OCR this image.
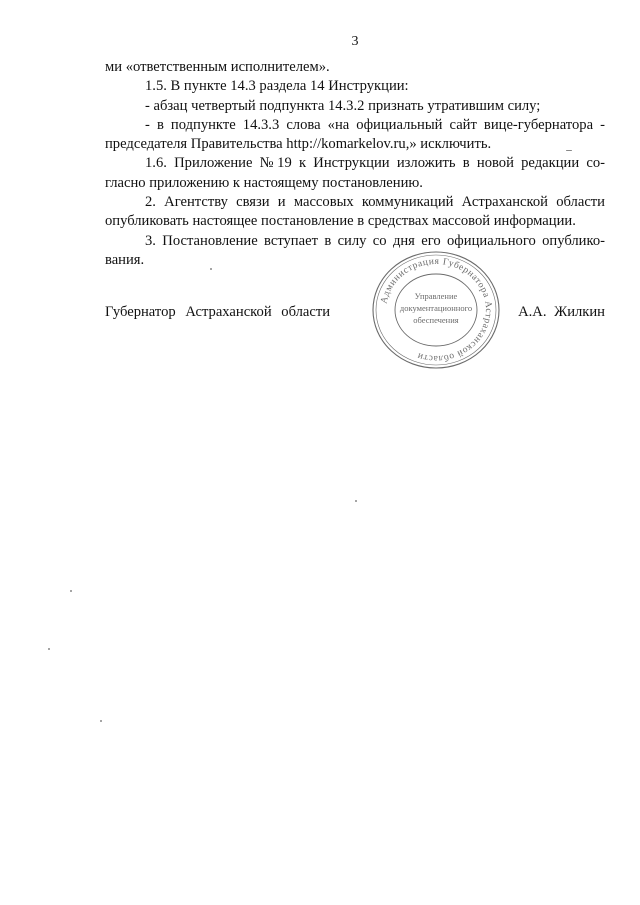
3
ми «ответственным исполнителем».
1.5. В пункте 14.3 раздела 14 Инструкции:
- абзац четвертый подпункта 14.3.2 признать утратившим силу;
- в подпункте 14.3.3 слова «на официальный сайт вице-губернатора -
председателя Правительства http://komarkelov.ru,» исключить.
1.6. Приложение №19 к Инструкции изложить в новой редакции со-
гласно приложению к настоящему постановлению.
2. Агентству связи и массовых коммуникаций Астраханской области
опубликовать настоящее постановление в средствах массовой информации.
3. Постановление вступает в силу со дня его официального опублико-
вания.
Губернатор Астраханской области	А.А. Жилкин
Администрация Губернатора Астраханской области
Управление
документационного
обеспечения
